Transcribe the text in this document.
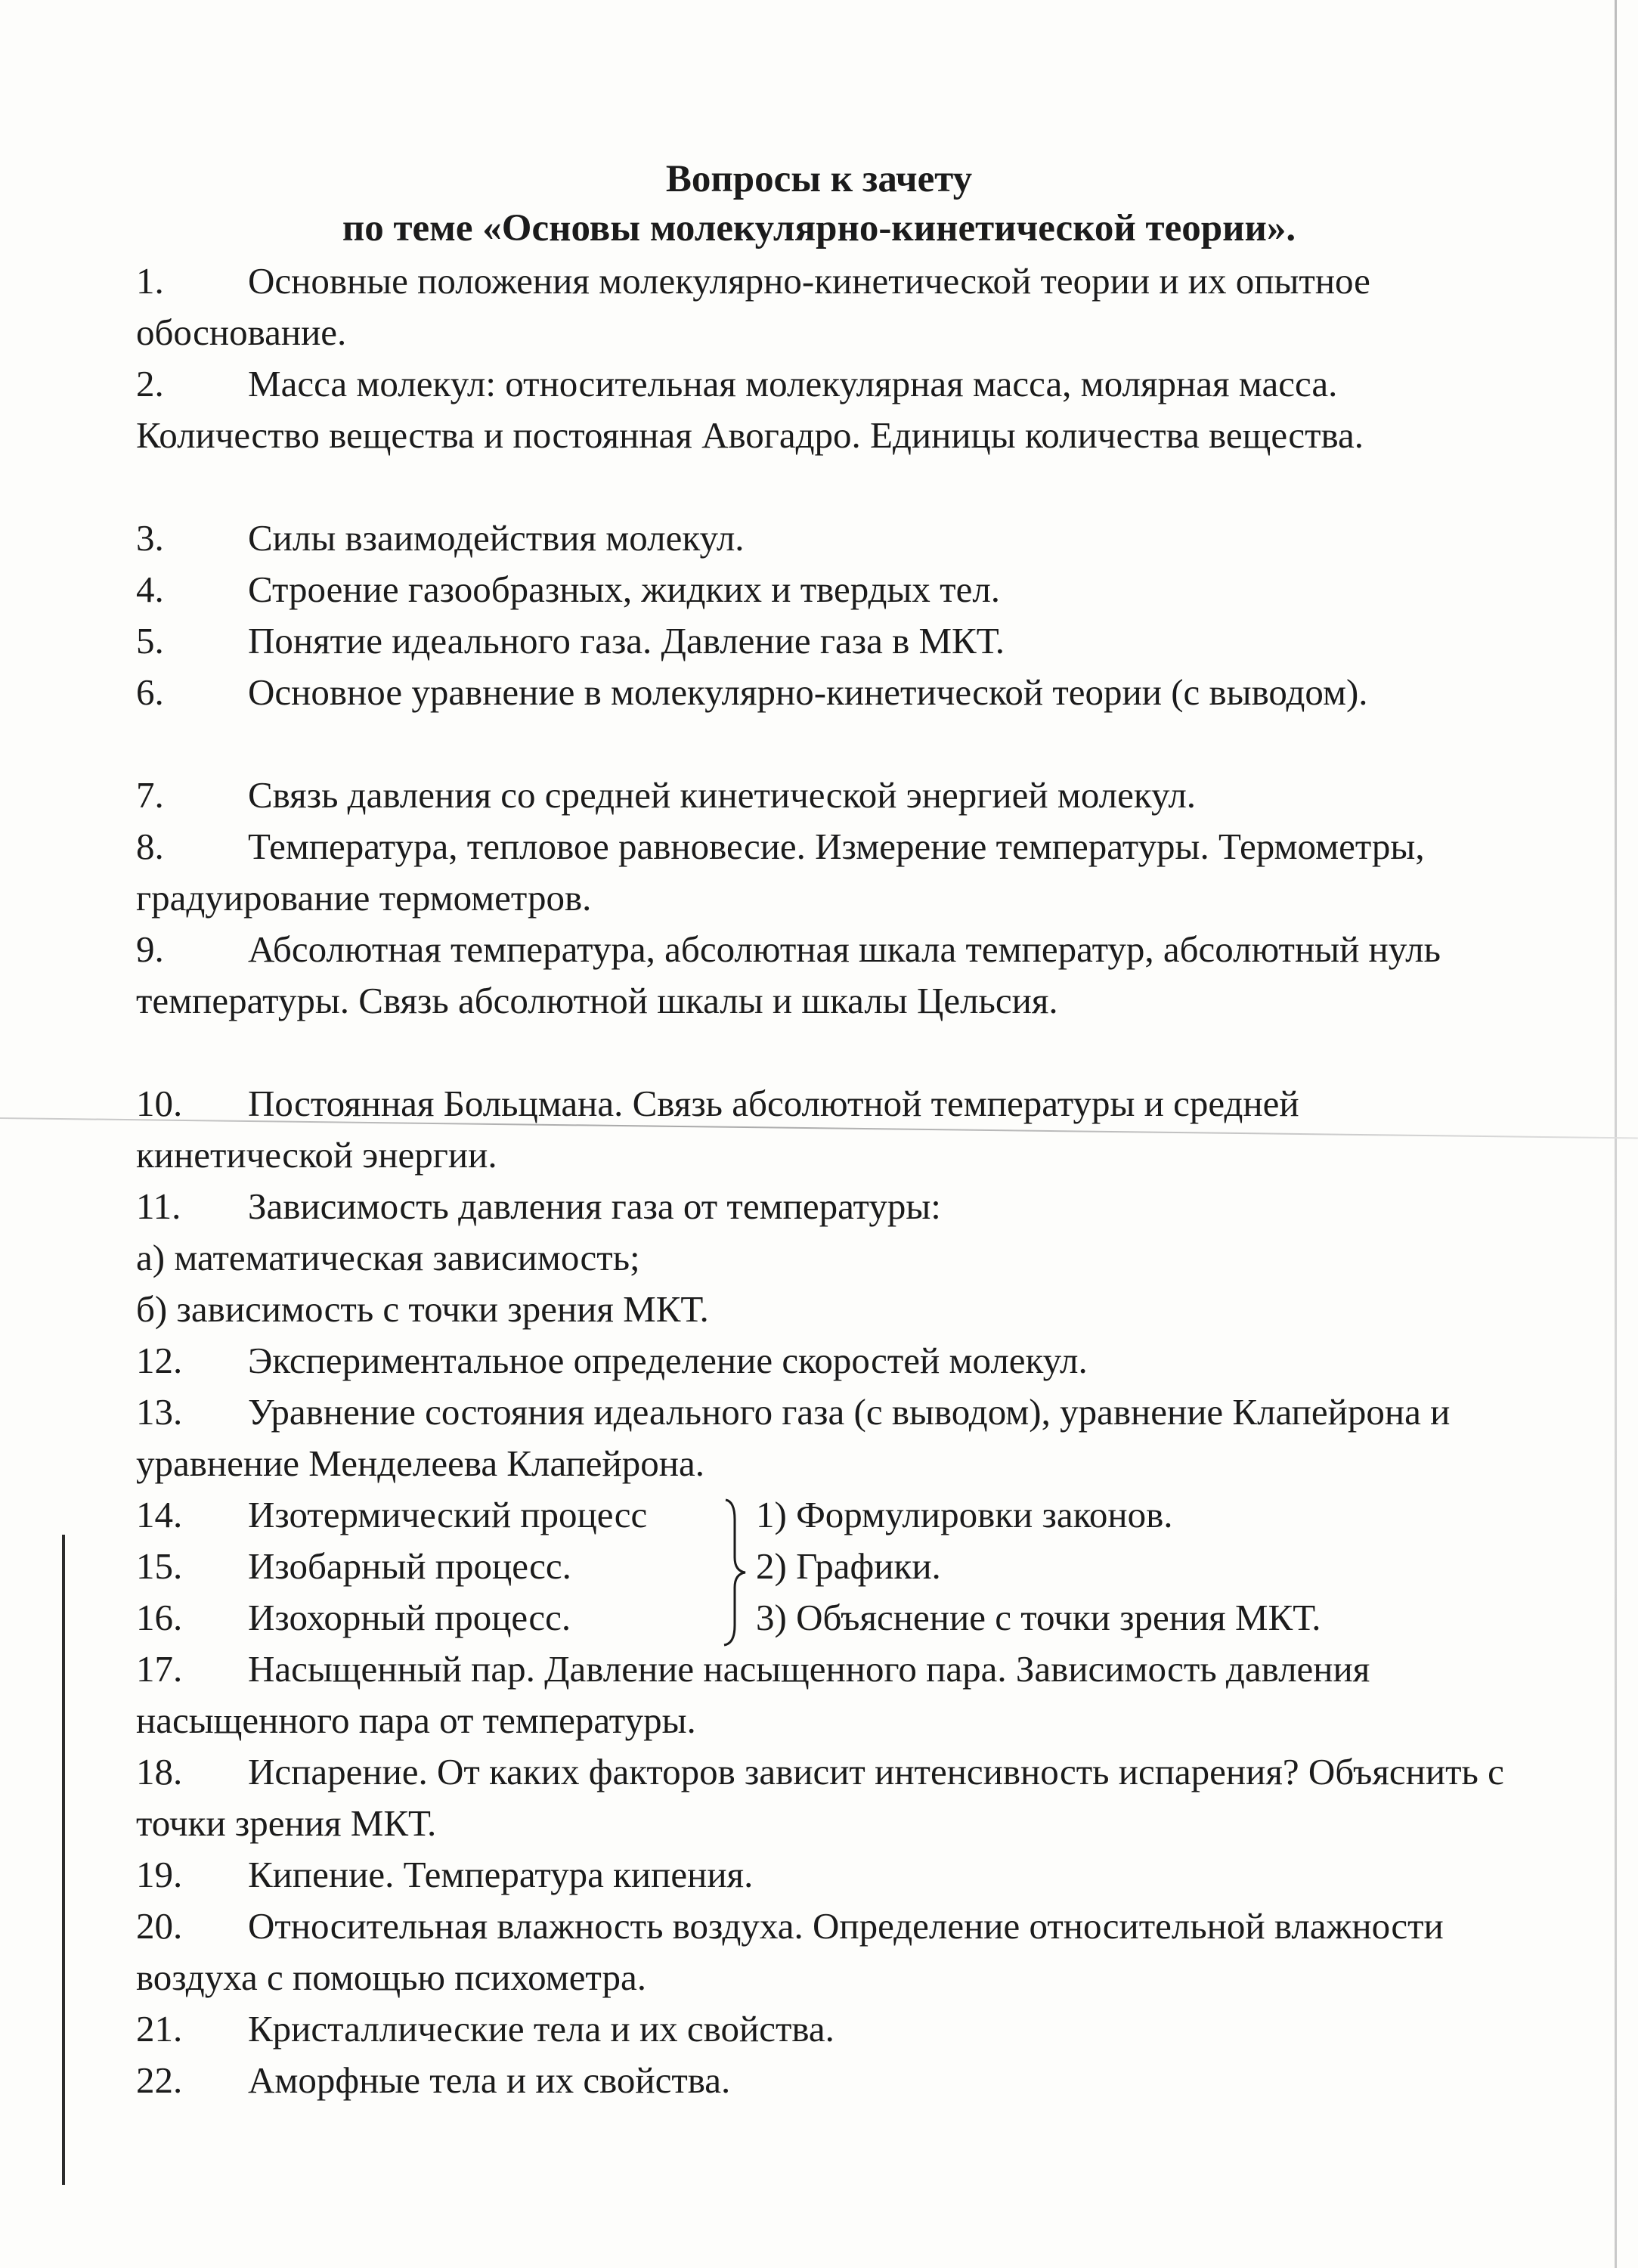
Вопросы к зачету
по теме «Основы молекулярно-кинетической теории».
1. Основные положения молекулярно-кинетической теории и их опытное обоснование.
2. Масса молекул: относительная молекулярная масса, молярная масса. Количество вещества и постоянная Авогадро. Единицы количества вещества.
3. Силы взаимодействия молекул.
4. Строение газообразных, жидких и твердых тел.
5. Понятие идеального газа. Давление газа в МКТ.
6. Основное уравнение в молекулярно-кинетической теории (с выводом).
7. Связь давления со средней кинетической энергией молекул.
8. Температура, тепловое равновесие. Измерение температуры. Термометры, градуирование термометров.
9. Абсолютная температура, абсолютная шкала температур, абсолютный нуль температуры. Связь абсолютной шкалы и шкалы Цельсия.
10. Постоянная Больцмана. Связь абсолютной температуры и средней кинетической энергии.
11. Зависимость давления газа от температуры:
а) математическая зависимость;
б) зависимость с точки зрения МКТ.
12. Экспериментальное определение скоростей молекул.
13. Уравнение состояния идеального газа (с выводом), уравнение Клапейрона и уравнение Менделеева Клапейрона.
14. Изотермический процесс
15. Изобарный процесс.
16. Изохорный процесс.
1) Формулировки законов.
2) Графики.
3) Объяснение с точки зрения МКТ.
17. Насыщенный пар. Давление насыщенного пара. Зависимость давления насыщенного пара от температуры.
18. Испарение. От каких факторов зависит интенсивность испарения? Объяснить с точки зрения МКТ.
19. Кипение. Температура кипения.
20. Относительная влажность воздуха. Определение относительной влажности воздуха с помощью психометра.
21. Кристаллические тела и их свойства.
22. Аморфные тела и их свойства.
